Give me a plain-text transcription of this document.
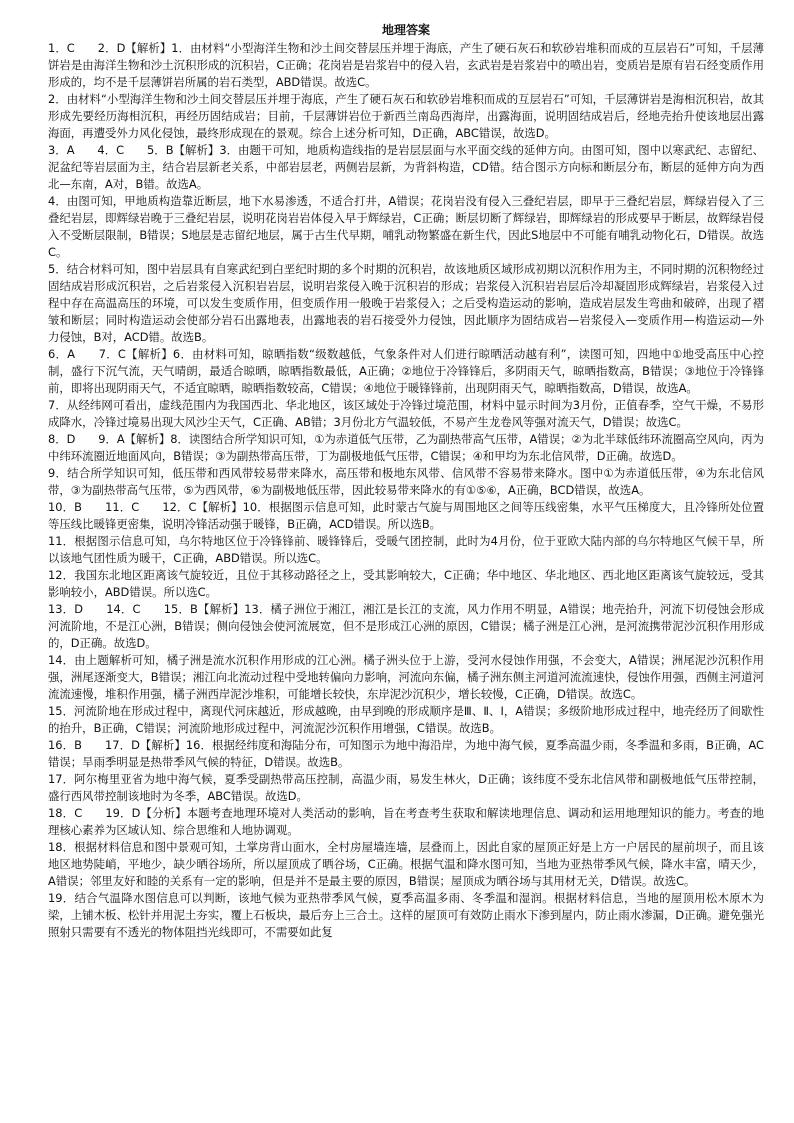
地理答案

1．C　　2．D【解析】1．由材料“小型海洋生物和沙土间交替层压并埋于海底，产生了硬石灰石和软砂岩堆积而成的互层岩石”可知，千层薄饼岩是由海洋生物和沙土沉积形成的沉积岩，C正确；花岗岩是岩浆岩中的侵入岩，玄武岩是岩浆岩中的喷出岩，变质岩是原有岩石经变质作用形成的，均不是千层薄饼岩所属的岩石类型，ABD错误。故选C。

2．由材料“小型海洋生物和沙土间交替层压并埋于海底，产生了硬石灰石和软砂岩堆积而成的互层岩石”可知，千层薄饼岩是海相沉积岩，故其形成先要经历海相沉积，再经历固结成岩；目前，千层薄饼岩位于新西兰南岛西海岸，出露海面，说明固结成岩后，经地壳抬升使该地层出露海面，再遭受外力风化侵蚀，最终形成现在的景观。综合上述分析可知，D正确，ABC错误，故选D。

3．A　　4．C　　5．B【解析】3．由题干可知，地质构造线指的是岩层层面与水平面交线的延伸方向。由图可知，图中以寒武纪、志留纪、泥盆纪等岩层面为主，结合岩层新老关系，中部岩层老，两侧岩层新，为背斜构造，CD错。结合图示方向标和断层分布，断层的延伸方向为西北—东南，A对，B错。故选A。

4．由图可知，甲地质构造靠近断层，地下水易渗透，不适合打井，A错误；花岗岩没有侵入三叠纪岩层，即早于三叠纪岩层，辉绿岩侵入了三叠纪岩层，即辉绿岩晚于三叠纪岩层，说明花岗岩岩体侵入早于辉绿岩，C正确；断层切断了辉绿岩，即辉绿岩的形成要早于断层，故辉绿岩侵入不受断层限制，B错误；S地层是志留纪地层，属于古生代早期，哺乳动物繁盛在新生代，因此S地层中不可能有哺乳动物化石，D错误。故选C。

5．结合材料可知，图中岩层具有自寒武纪到白垩纪时期的多个时期的沉积岩，故该地质区域形成初期以沉积作用为主，不同时期的沉积物经过固结成岩形成沉积岩，之后岩浆侵入沉积岩岩层，说明岩浆侵入晚于沉积岩的形成；岩浆侵入沉积岩岩层后冷却凝固形成辉绿岩，岩浆侵入过程中存在高温高压的环境，可以发生变质作用，但变质作用一般晚于岩浆侵入；之后受构造运动的影响，造成岩层发生弯曲和破碎，出现了褶皱和断层；同时构造运动会使部分岩石出露地表，出露地表的岩石接受外力侵蚀，因此顺序为固结成岩—岩浆侵入—变质作用—构造运动—外力侵蚀，B对，ACD错。故选B。

6．A　　7．C【解析】6．由材料可知，晾晒指数“级数越低，气象条件对人们进行晾晒活动越有利”，读图可知，四地中①地受高压中心控制，盛行下沉气流，天气晴朗，最适合晾晒，晾晒指数最低，A正确；②地位于冷锋锋后，多阴雨天气，晾晒指数高，B错误；③地位于冷锋锋前，即将出现阴雨天气，不适宜晾晒，晾晒指数较高，C错误；④地位于暖锋锋前，出现阴雨天气，晾晒指数高，D错误，故选A。

7．从经纬网可看出，虚线范围内为我国西北、华北地区，该区域处于冷锋过境范围，材料中显示时间为3月份，正值春季，空气干燥，不易形成降水，冷锋过境易出现大风沙尘天气，C正确、AB错；3月份北方气温较低，不易产生龙卷风等强对流天气，D错误；故选C。

8．D　　9．A【解析】8．读图结合所学知识可知，①为赤道低气压带，乙为副热带高气压带，A错误；②为北半球低纬环流圈高空风向，丙为中纬环流圈近地面风向，B错误；③为副热带高压带，丁为副极地低气压带，C错误；④和甲均为东北信风带，D正确。故选D。

9．结合所学知识可知，低压带和西风带较易带来降水，高压带和极地东风带、信风带不容易带来降水。图中①为赤道低压带，④为东北信风带，③为副热带高气压带，⑤为西风带，⑥为副极地低压带，因此较易带来降水的有①⑤⑥，A正确，BCD错误，故选A。

10．B　　11．C　　12．C【解析】10．根据图示信息可知，此时蒙古气旋与周围地区之间等压线密集，水平气压梯度大，且冷锋所处位置等压线比暖锋更密集，说明冷锋活动强于暖锋，B正确，ACD错误。所以选B。

11．根据图示信息可知，乌尔特地区位于冷锋锋前、暖锋锋后，受暖气团控制，此时为4月份，位于亚欧大陆内部的乌尔特地区气候干旱，所以该地气团性质为暖干，C正确，ABD错误。所以选C。

12．我国东北地区距离该气旋较近，且位于其移动路径之上，受其影响较大，C正确；华中地区、华北地区、西北地区距离该气旋较远，受其影响较小，ABD错误。所以选C。

13．D　　14．C　　15．B【解析】13．橘子洲位于湘江，湘江是长江的支流，风力作用不明显，A错误；地壳抬升，河流下切侵蚀会形成河流阶地，不是江心洲，B错误；侧向侵蚀会使河流展宽，但不是形成江心洲的原因，C错误；橘子洲是江心洲，是河流携带泥沙沉积作用形成的，D正确。故选D。

14．由上题解析可知，橘子洲是流水沉积作用形成的江心洲。橘子洲头位于上游，受河水侵蚀作用强，不会变大，A错误；洲尾泥沙沉积作用强，洲尾逐渐变大，B错误；湘江向北流动过程中受地转偏向力影响，河流向东偏，橘子洲东侧主河道河流流速快，侵蚀作用强，西侧主河道河流流速慢，堆积作用强，橘子洲西岸泥沙堆积，可能增长较快，东岸泥沙沉积少，增长较慢，C正确，D错误。故选C。

15．河流阶地在形成过程中，离现代河床越近，形成越晚，由早到晚的形成顺序是Ⅲ、Ⅱ、Ⅰ，A错误；多级阶地形成过程中，地壳经历了间歇性的抬升，B正确，C错误；河流阶地形成过程中，河流泥沙沉积作用增强，C错误。故选B。

16．B　　17．D【解析】16．根据经纬度和海陆分布，可知图示为地中海沿岸，为地中海气候，夏季高温少雨，冬季温和多雨，B正确，AC错误；旱雨季明显是热带季风气候的特征，D错误。故选B。

17．阿尔梅里亚省为地中海气候，夏季受副热带高压控制，高温少雨，易发生林火，D正确；该纬度不受东北信风带和副极地低气压带控制，盛行西风带控制该地时为冬季，ABC错误。故选D。

18．C　　19．D【分析】本题考查地理环境对人类活动的影响，旨在考查考生获取和解读地理信息、调动和运用地理知识的能力。考查的地理核心素养为区域认知、综合思维和人地协调观。

18．根据材料信息和图中景观可知，土掌房背山面水，全村房屋墙连墙，层叠而上，因此自家的屋顶正好是上方一户居民的屋前坝子，而且该地区地势陡峭，平地少，缺少晒谷场所，所以屋顶成了晒谷场，C正确。根据气温和降水图可知，当地为亚热带季风气候，降水丰富，晴天少，A错误；邻里友好和睦的关系有一定的影响，但是并不是最主要的原因，B错误；屋顶成为晒谷场与其用材无关，D错误。故选C。

19．结合气温降水图信息可以判断，该地气候为亚热带季风气候，夏季高温多雨、冬季温和湿润。根据材料信息，当地的屋顶用松木原木为梁，上铺木板、松针并用泥土夯实，覆上石板块，最后夯上三合土。这样的屋顶可有效防止雨水下渗到屋内，防止雨水渗漏，D正确。避免强光照射只需要有不透光的物体阻挡光线即可，不需要如此复
